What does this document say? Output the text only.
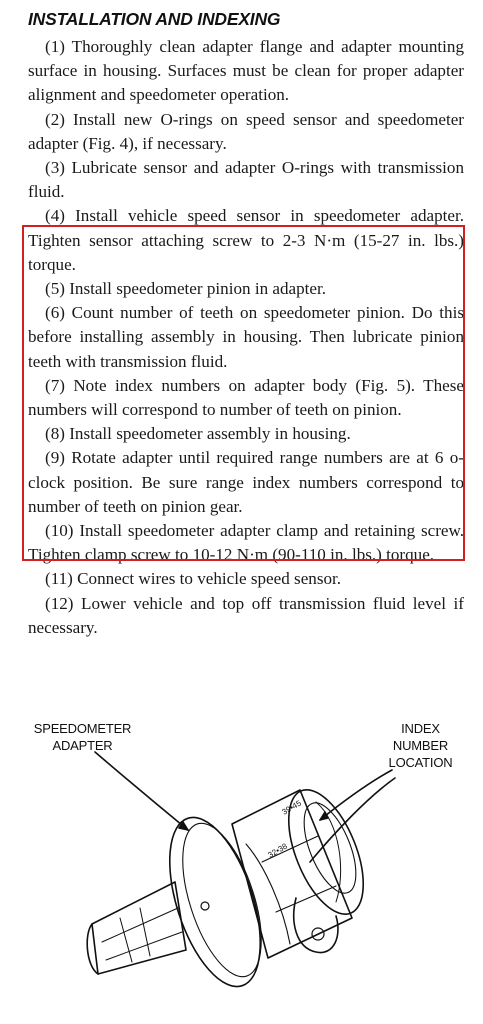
INSTALLATION AND INDEXING

(1) Thoroughly clean adapter flange and adapter mounting surface in housing. Surfaces must be clean for proper adapter alignment and speedometer operation.

(2) Install new O-rings on speed sensor and speedometer adapter (Fig. 4), if necessary.

(3) Lubricate sensor and adapter O-rings with transmission fluid.

(4) Install vehicle speed sensor in speedometer adapter. Tighten sensor attaching screw to 2-3 N·m (15-27 in. lbs.) torque.

(5) Install speedometer pinion in adapter.

(6) Count number of teeth on speedometer pinion. Do this before installing assembly in housing. Then lubricate pinion teeth with transmission fluid.

(7) Note index numbers on adapter body (Fig. 5). These numbers will correspond to number of teeth on pinion.

(8) Install speedometer assembly in housing.

(9) Rotate adapter until required range numbers are at 6 o-clock position. Be sure range index numbers correspond to number of teeth on pinion gear.

(10) Install speedometer adapter clamp and retaining screw. Tighten clamp screw to 10-12 N·m (90-110 in. lbs.) torque.

(11) Connect wires to vehicle speed sensor.

(12) Lower vehicle and top off transmission fluid level if necessary.

SPEEDOMETER
ADAPTER
INDEX
NUMBER
LOCATION
39•45
32•38
